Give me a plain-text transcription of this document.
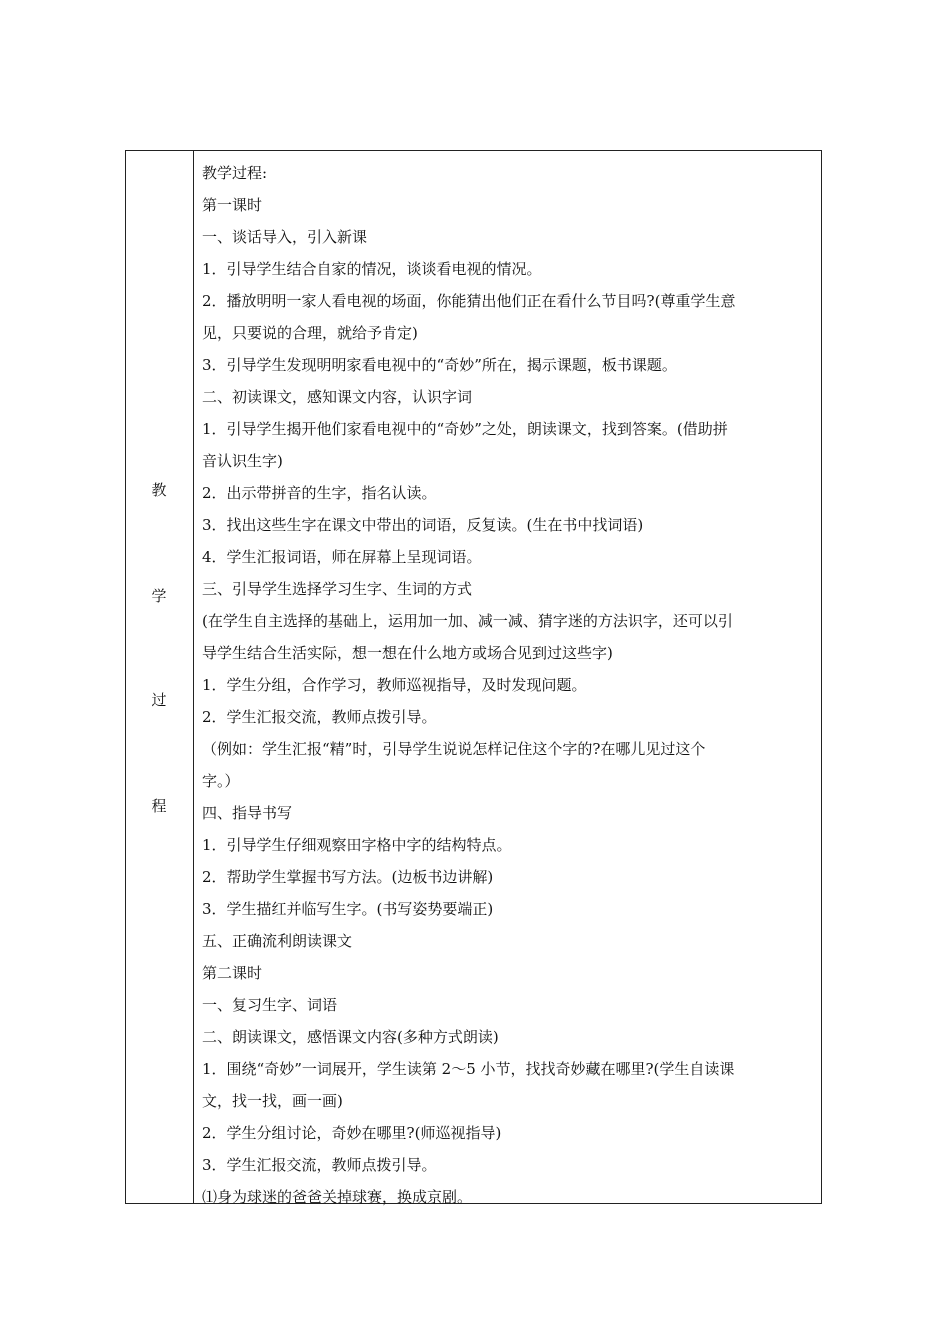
教
学
过
程
教学过程:
第一课时
一、谈话导入，引入新课
1．引导学生结合自家的情况，谈谈看电视的情况。
2．播放明明一家人看电视的场面，你能猜出他们正在看什么节目吗?(尊重学生意
见，只要说的合理，就给予肯定)
3．引导学生发现明明家看电视中的“奇妙”所在，揭示课题，板书课题。
二、初读课文，感知课文内容，认识字词
1．引导学生揭开他们家看电视中的“奇妙”之处，朗读课文，找到答案。(借助拼
音认识生字)
2．出示带拼音的生字，指名认读。
3．找出这些生字在课文中带出的词语，反复读。(生在书中找词语)
4．学生汇报词语，师在屏幕上呈现词语。
三、引导学生选择学习生字、生词的方式
(在学生自主选择的基础上，运用加一加、减一减、猜字迷的方法识字，还可以引
导学生结合生活实际，想一想在什么地方或场合见到过这些字)
1．学生分组，合作学习，教师巡视指导，及时发现问题。
2．学生汇报交流，教师点拨引导。
（例如：学生汇报“精”时，引导学生说说怎样记住这个字的?在哪儿见过这个
字。）
四、指导书写
1．引导学生仔细观察田字格中字的结构特点。
2．帮助学生掌握书写方法。(边板书边讲解)
3．学生描红并临写生字。(书写姿势要端正)
五、正确流利朗读课文
第二课时
一、复习生字、词语
二、朗读课文，感悟课文内容(多种方式朗读)
1．围绕“奇妙”一词展开，学生读第 2～5 小节，找找奇妙藏在哪里?(学生自读课
文，找一找，画一画)
2．学生分组讨论，奇妙在哪里?(师巡视指导)
3．学生汇报交流，教师点拨引导。
⑴身为球迷的爸爸关掉球赛，换成京剧。
